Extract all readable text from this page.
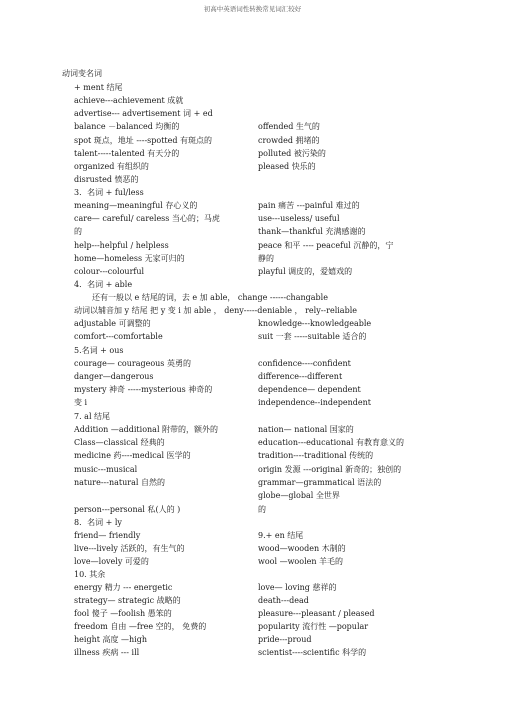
初高中英语词性转换常见词汇较好
动词变名词
+ ment 结尾
achieve---achievement 成就
advertise--- advertisement 词 + ed
balance －balanced 均衡的
spot 斑点，地址 ----spotted 有斑点的
talent-----talented 有天分的
organized 有组织的
disrusted 愤恶的
3．名词 + ful/less
meaning—meaningful 存心义的
care— careful/ careless 当心的；马虎
的
help---helpful / helpless
home—homeless 无家可归的
colour---colourful
4．名词 + able
还有一般以 e 结尾的词，去 e 加 able， change ------changable
动词以辅音加 y 结尾 把 y 变 i 加 able ， deny-----deniable ， rely--reliable
adjustable 可调整的
comfort---comfortable
5.名词 + ous
courage— courageous 英勇的
danger—dangerous
mystery 神奇 -----mysterious 神奇的
变 i
7. al 结尾
Addition —additional 附带的，额外的
Class—classical 经典的
medicine 药----medical 医学的
music---musical
nature---natural 自然的
person---personal 私(人的 )
8．名词 + ly
friend— friendly
live---lively 活跃的，有生气的
love—lovely 可爱的
10. 其余
energy 精力 --- energetic
strategy— strategic 战略的
fool 傻子 —foolish 愚笨的
freedom 自由 —free 空的， 免费的
height 高度 —high
illness 疾病 --- ill
offended 生气的
crowded 拥堵的
polluted 被污染的
pleased 快乐的
pain 痛苦 ---painful 难过的
use---useless/ useful
thank—thankful 充满感谢的
peace 和平 ---- peaceful 沉静的，宁
静的
playful 调皮的，爱嬉戏的
knowledge---knowledgeable
suit 一套 -----suitable 适合的
confidence----confident
difference---different
dependence— dependent
independence--independent
nation— national 国家的
education---educational 有教育意义的
tradition----traditional 传统的
origin 发源 ---original 新奇的；独创的
grammar—grammatical 语法的
globe—global 全世界
的
9.+ en 结尾
wood—wooden 木制的
wool —woolen 羊毛的
love— loving 慈祥的
death---dead
pleasure---pleasant / pleased
popularity 流行性 —popular
pride---proud
scientist----scientific 科学的
